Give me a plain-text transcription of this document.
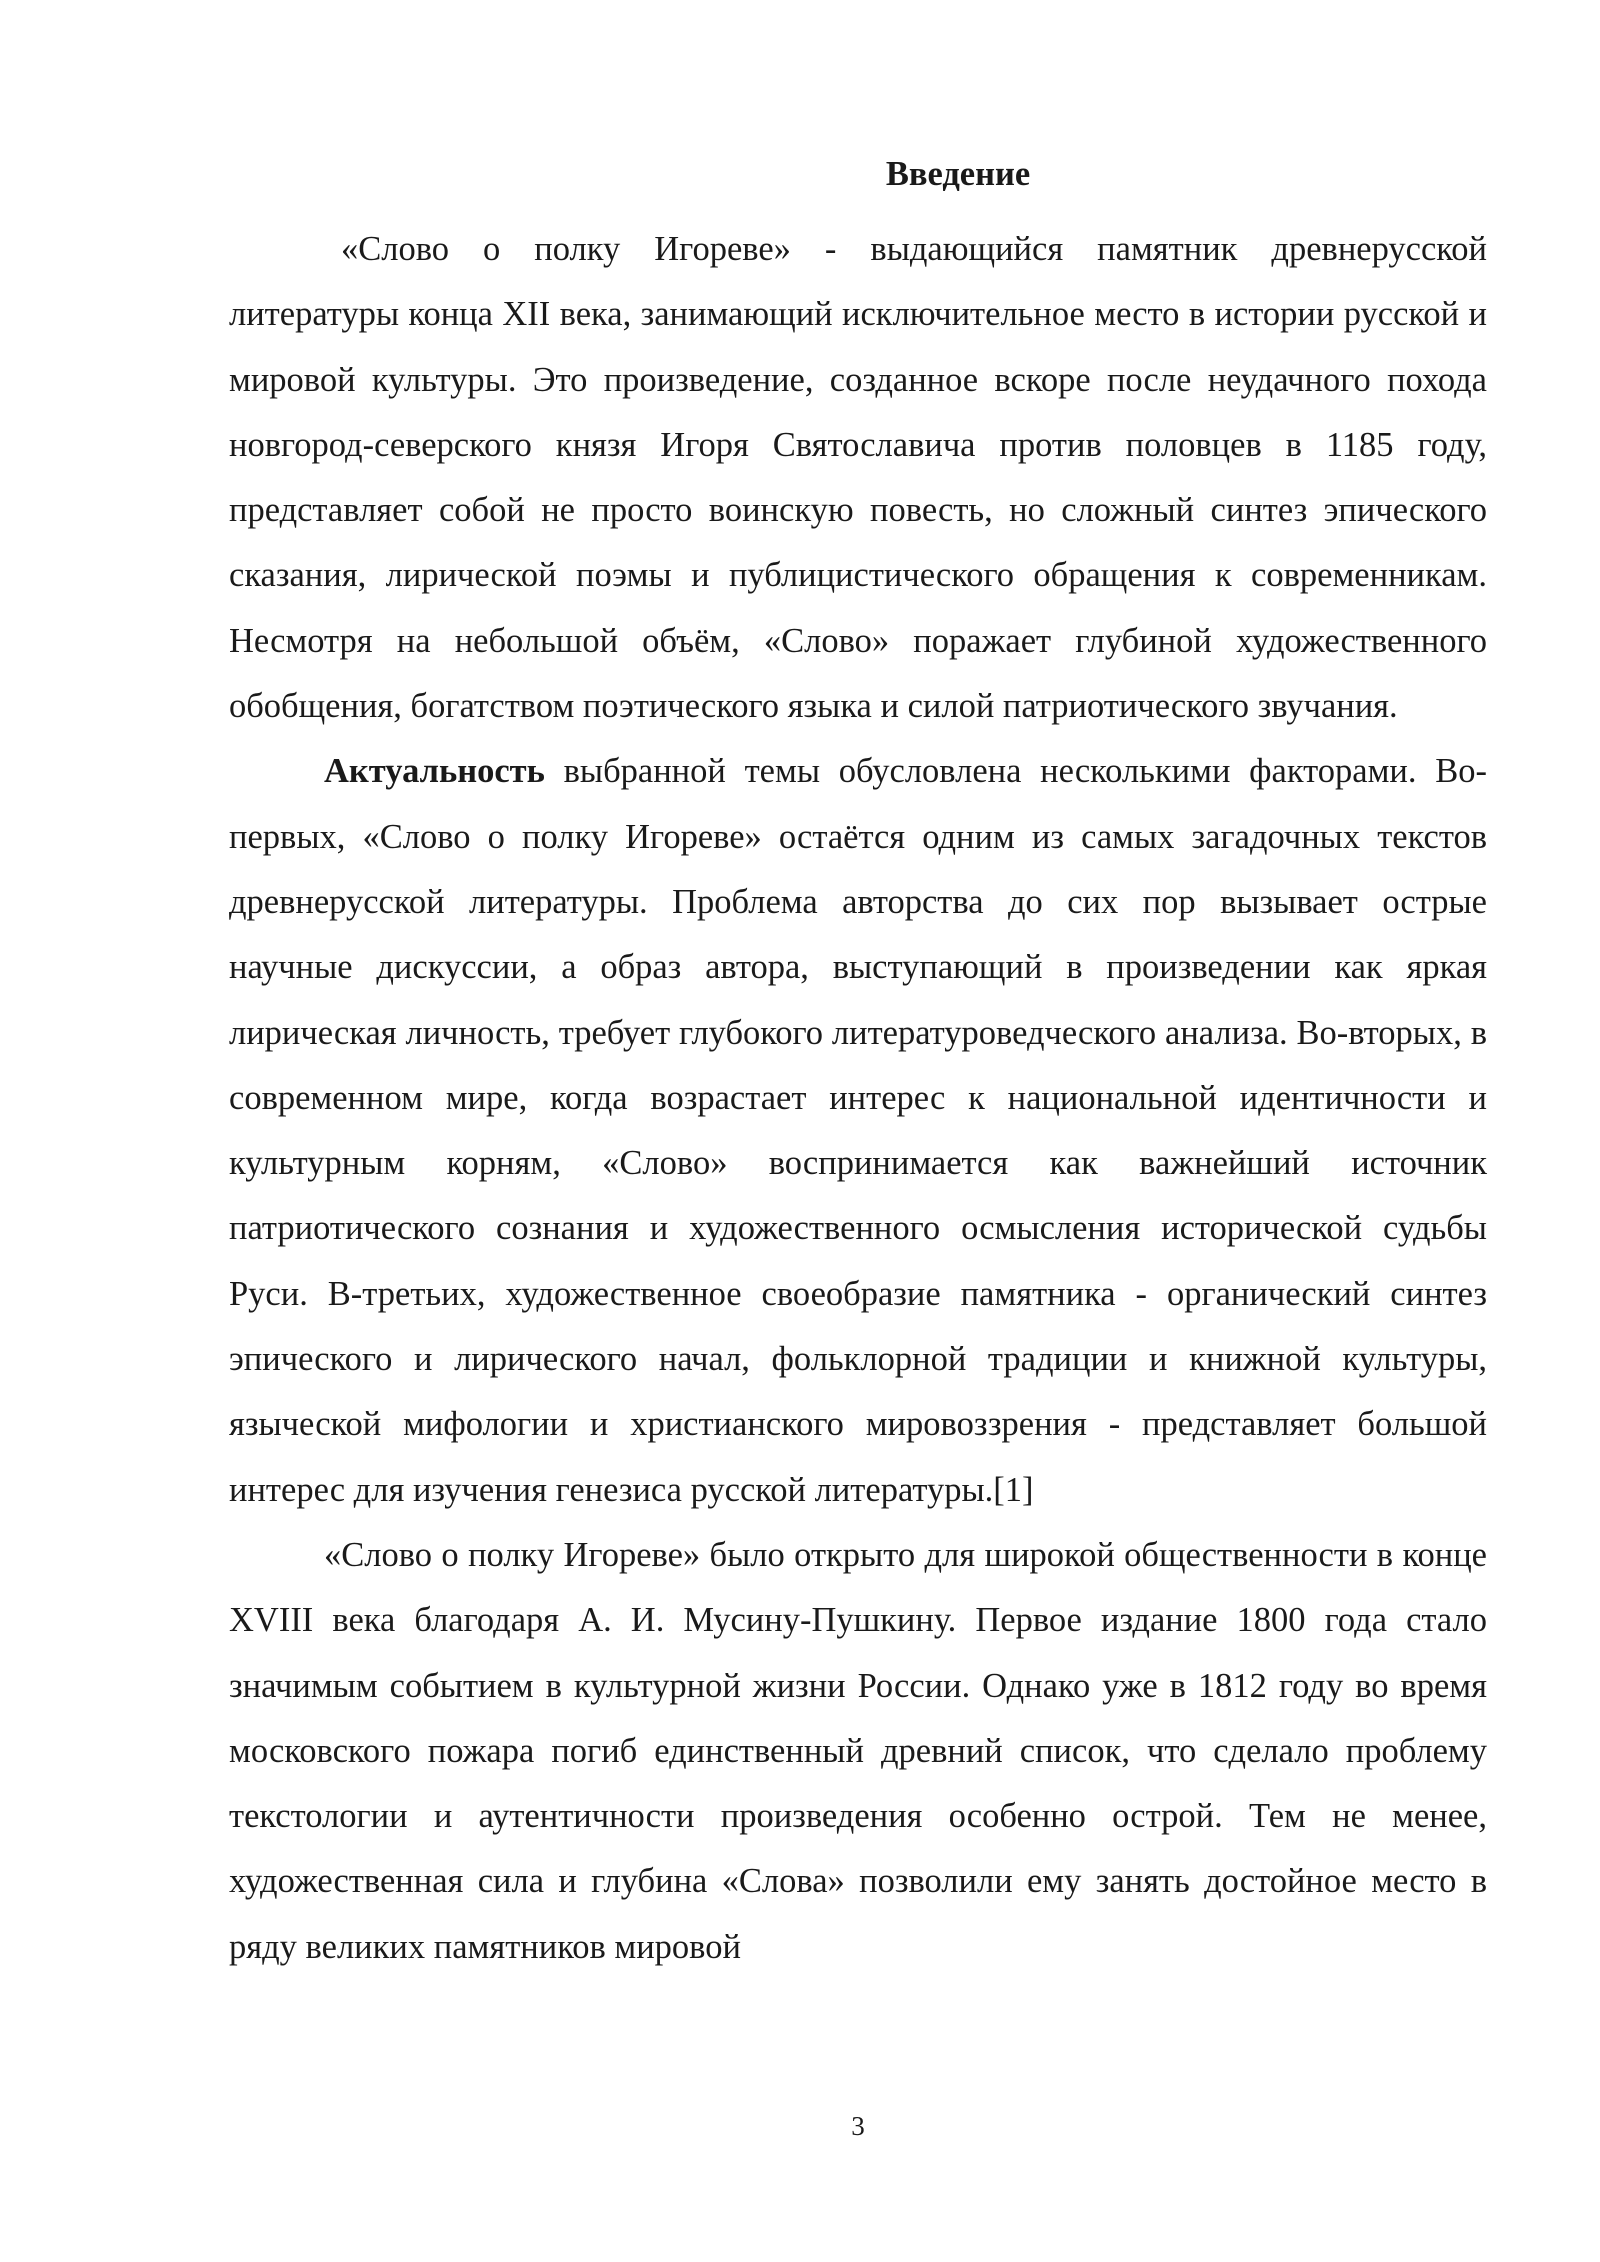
Введение

«Слово о полку Игореве» - выдающийся памятник древнерусской литературы конца XII века, занимающий исключительное место в истории русской и мировой культуры. Это произведение, созданное вскоре после неудачного похода новгород-северского князя Игоря Святославича против половцев в 1185 году, представляет собой не просто воинскую повесть, но сложный синтез эпического сказания, лирической поэмы и публицистического обращения к современникам. Несмотря на небольшой объём, «Слово» поражает глубиной художественного обобщения, богатством поэтического языка и силой патриотического звучания.

Актуальность выбранной темы обусловлена несколькими факторами. Во-первых, «Слово о полку Игореве» остаётся одним из самых загадочных текстов древнерусской литературы. Проблема авторства до сих пор вызывает острые научные дискуссии, а образ автора, выступающий в произведении как яркая лирическая личность, требует глубокого литературоведческого анализа. Во-вторых, в современном мире, когда возрастает интерес к национальной идентичности и культурным корням, «Слово» воспринимается как важнейший источник патриотического сознания и художественного осмысления исторической судьбы Руси. В-третьих, художественное своеобразие памятника - органический синтез эпического и лирического начал, фольклорной традиции и книжной культуры, языческой мифологии и христианского мировоззрения - представляет большой интерес для изучения генезиса русской литературы.[1]

«Слово о полку Игореве» было открыто для широкой общественности в конце XVIII века благодаря А. И. Мусину-Пушкину. Первое издание 1800 года стало значимым событием в культурной жизни России. Однако уже в 1812 году во время московского пожара погиб единственный древний список, что сделало проблему текстологии и аутентичности произведения особенно острой. Тем не менее, художественная сила и глубина «Слова» позволили ему занять достойное место в ряду великих памятников мировой

3
